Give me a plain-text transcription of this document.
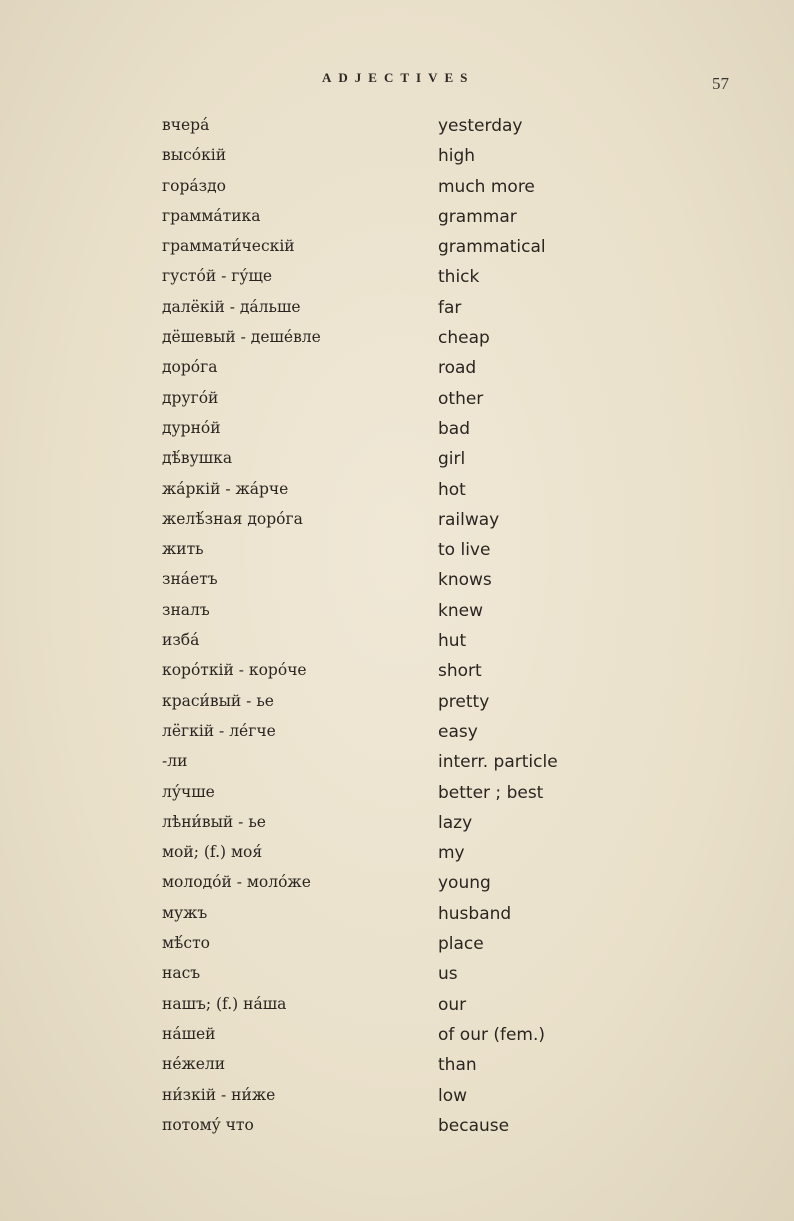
ADJECTIVES	57
вчера́	yesterday
высо́кій	high
гора́здо	much more
грамма́тика	grammar
граммати́ческій	grammatical
густо́й - гу́ще	thick
далёкій - да́льше	far
дёшевый - деше́вле	cheap
доро́га	road
друго́й	other
дурно́й	bad
дѣ́вушка	girl
жа́ркій - жа́рче	hot
желѣ́зная доро́га	railway
жить	to live
зна́етъ	knows
зналъ	knew
изба́	hut
коро́ткій - коро́че	short
краси́вый - ье	pretty
лёгкій - ле́гче	easy
-ли	interr. particle
лу́чше	better ; best
лѣни́вый - ье	lazy
мой; (f.) моя́	my
молодо́й - моло́же	young
мужъ	husband
мѣ́сто	place
насъ	us
нашъ; (f.) на́ша	our
на́шей	of our (fem.)
не́жели	than
ни́зкій - ни́же	low
потому́ что	because
